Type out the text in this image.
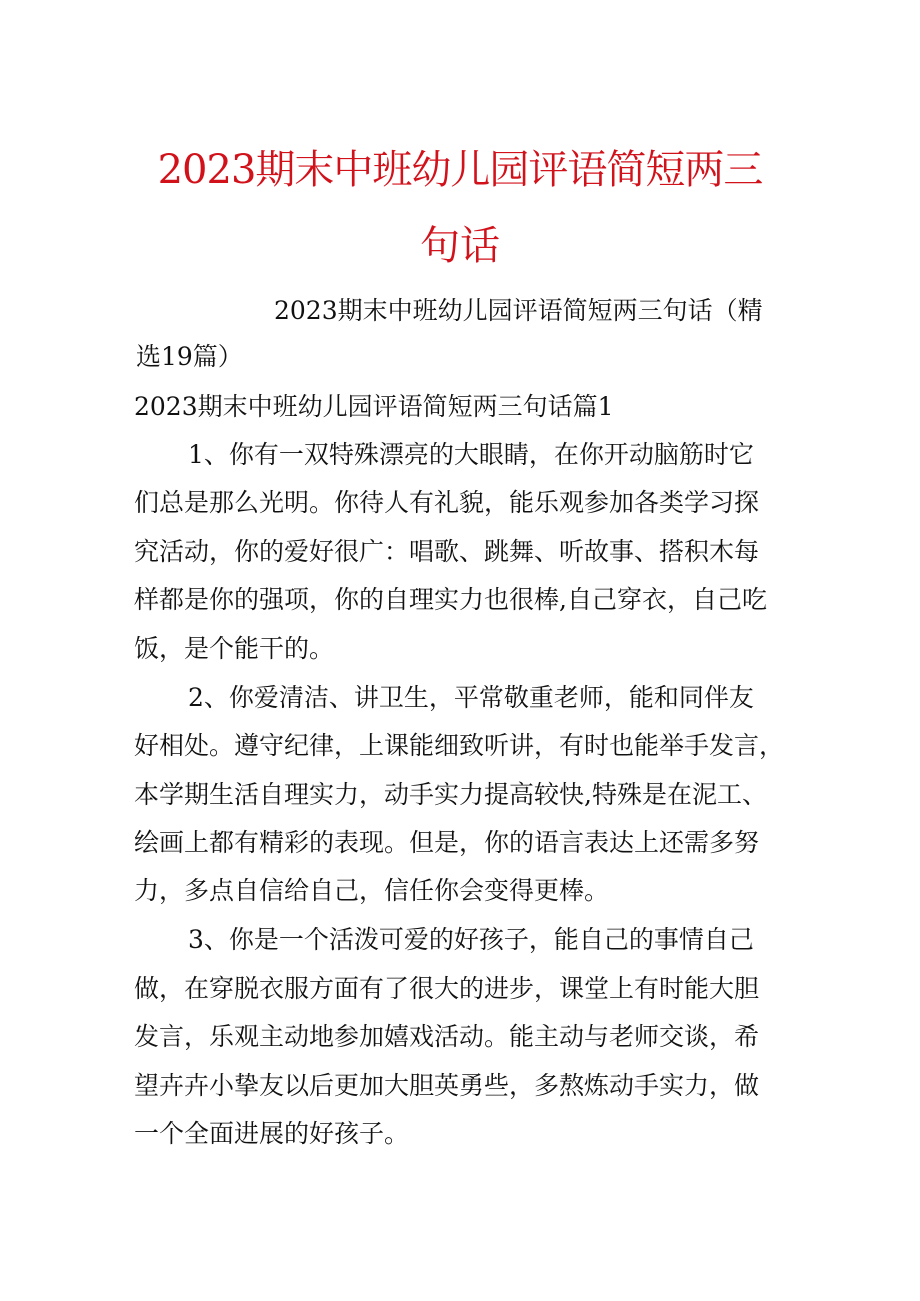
2023期末中班幼儿园评语简短两三
句话
2023期末中班幼儿园评语简短两三句话（精
选19篇）
2023期末中班幼儿园评语简短两三句话篇1
1、你有一双特殊漂亮的大眼睛，在你开动脑筋时它
们总是那么光明。你待人有礼貌，能乐观参加各类学习探
究活动，你的爱好很广：唱歌、跳舞、听故事、搭积木每
样都是你的强项，你的自理实力也很棒,自己穿衣，自己吃
饭，是个能干的。
2、你爱清洁、讲卫生，平常敬重老师，能和同伴友
好相处。遵守纪律，上课能细致听讲，有时也能举手发言，
本学期生活自理实力，动手实力提高较快,特殊是在泥工、
绘画上都有精彩的表现。但是，你的语言表达上还需多努
力，多点自信给自己，信任你会变得更棒。
3、你是一个活泼可爱的好孩子，能自己的事情自己
做，在穿脱衣服方面有了很大的进步，课堂上有时能大胆
发言，乐观主动地参加嬉戏活动。能主动与老师交谈，希
望卉卉小挚友以后更加大胆英勇些，多熬炼动手实力，做
一个全面进展的好孩子。
